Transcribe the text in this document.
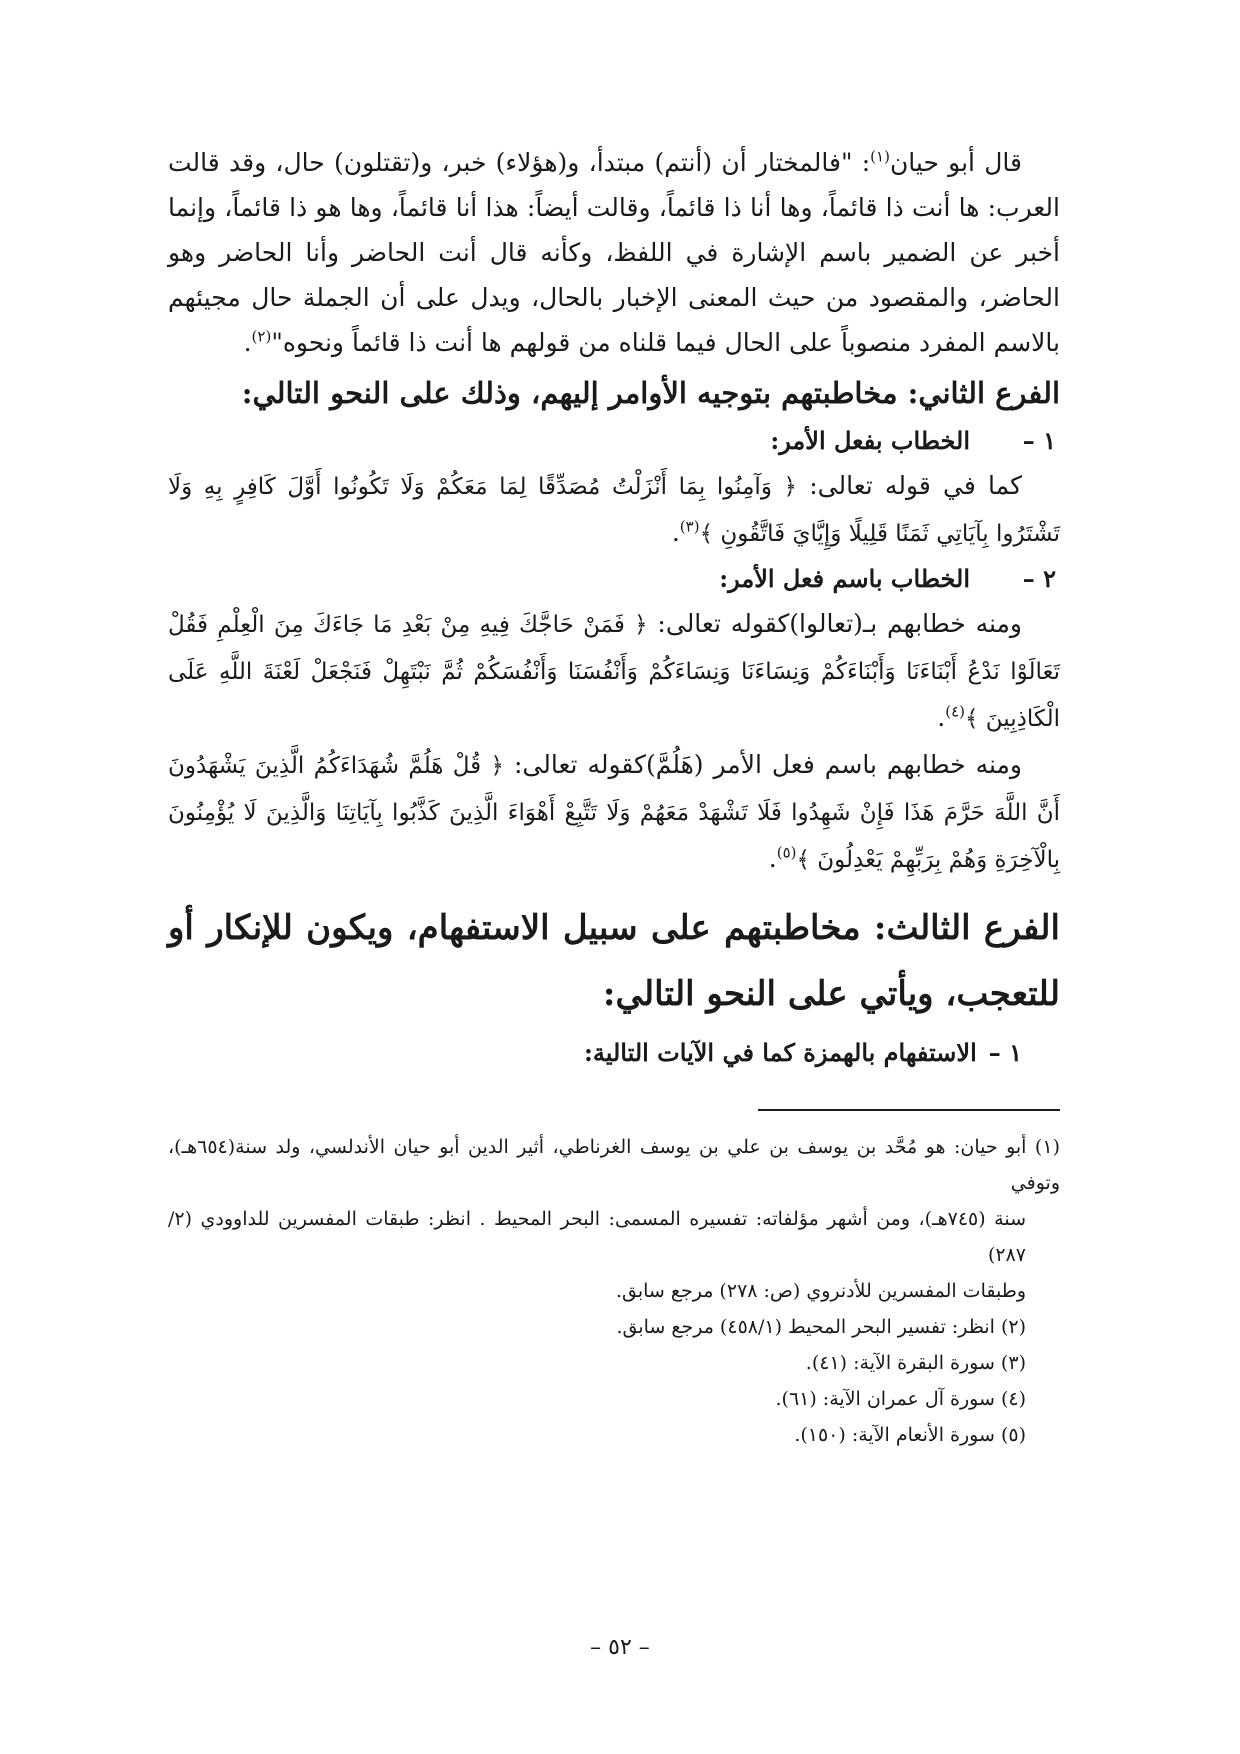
قال أبو حيان$^{(١)}$: "فالمختار أن (أنتم) مبتدأ، و(هؤلاء) خبر، و(تقتلون) حال، وقد قالت العرب: ها أنت ذا قائماً، وها أنا ذا قائماً، وقالت أيضاً: هذا أنا قائماً، وها هو ذا قائماً، وإنما أخبر عن الضمير باسم الإشارة في اللفظ، وكأنه قال أنت الحاضر وأنا الحاضر وهو الحاضر، والمقصود من حيث المعنى الإخبار بالحال، ويدل على أن الجملة حال مجيئهم بالاسم المفرد منصوباً على الحال فيما قلناه من قولهم ها أنت ذا قائماً ونحوه"$^{(٢)}$.

الفرع الثاني: مخاطبتهم بتوجيه الأوامر إليهم، وذلك على النحو التالي:
١ –
الخطاب بفعل الأمر:

كما في قوله تعالى: ﴿ وَآمِنُوا بِمَا أَنْزَلْتُ مُصَدِّقًا لِمَا مَعَكُمْ وَلَا تَكُونُوا أَوَّلَ كَافِرٍ بِهِ وَلَا تَشْتَرُوا بِآيَاتِي ثَمَنًا قَلِيلًا وَإِيَّايَ فَاتَّقُونِ ﴾$^{(٣)}$.

٢ –
الخطاب باسم فعل الأمر:

ومنه خطابهم بـ(تعالوا)كقوله تعالى: ﴿ فَمَنْ حَاجَّكَ فِيهِ مِنْ بَعْدِ مَا جَاءَكَ مِنَ الْعِلْمِ فَقُلْ تَعَالَوْا نَدْعُ أَبْنَاءَنَا وَأَبْنَاءَكُمْ وَنِسَاءَنَا وَنِسَاءَكُمْ وَأَنْفُسَنَا وَأَنْفُسَكُمْ ثُمَّ نَبْتَهِلْ فَنَجْعَلْ لَعْنَةَ اللَّهِ عَلَى الْكَاذِبِينَ ﴾$^{(٤)}$.

ومنه خطابهم باسم فعل الأمر (هَلُمَّ)كقوله تعالى: ﴿ قُلْ هَلُمَّ شُهَدَاءَكُمُ الَّذِينَ يَشْهَدُونَ أَنَّ اللَّهَ حَرَّمَ هَذَا فَإِنْ شَهِدُوا فَلَا تَشْهَدْ مَعَهُمْ وَلَا تَتَّبِعْ أَهْوَاءَ الَّذِينَ كَذَّبُوا بِآيَاتِنَا وَالَّذِينَ لَا يُؤْمِنُونَ بِالْآخِرَةِ وَهُمْ بِرَبِّهِمْ يَعْدِلُونَ ﴾$^{(٥)}$.

الفرع الثالث: مخاطبتهم على سبيل الاستفهام، ويكون للإنكار أو للتعجب، ويأتي على النحو التالي:
١ –
الاستفهام بالهمزة كما في الآيات التالية:

(١) أبو حيان: هو مُحَّد بن يوسف بن علي بن يوسف الغرناطي، أثير الدين أبو حيان الأندلسي، ولد سنة(٦٥٤هـ)، وتوفي

سنة (٧٤٥هـ)، ومن أشهر مؤلفاته: تفسيره المسمى: البحر المحيط . انظر: طبقات المفسرين للداوودي (٢/ ٢٨٧)

وطبقات المفسرين للأدنروي (ص: ٢٧٨) مرجع سابق.

(٢) انظر: تفسير البحر المحيط (٤٥٨/١) مرجع سابق.

(٣) سورة البقرة الآية: (٤١).

(٤) سورة آل عمران الآية: (٦١).

(٥) سورة الأنعام الآية: (١٥٠).

– ٥٢ –
